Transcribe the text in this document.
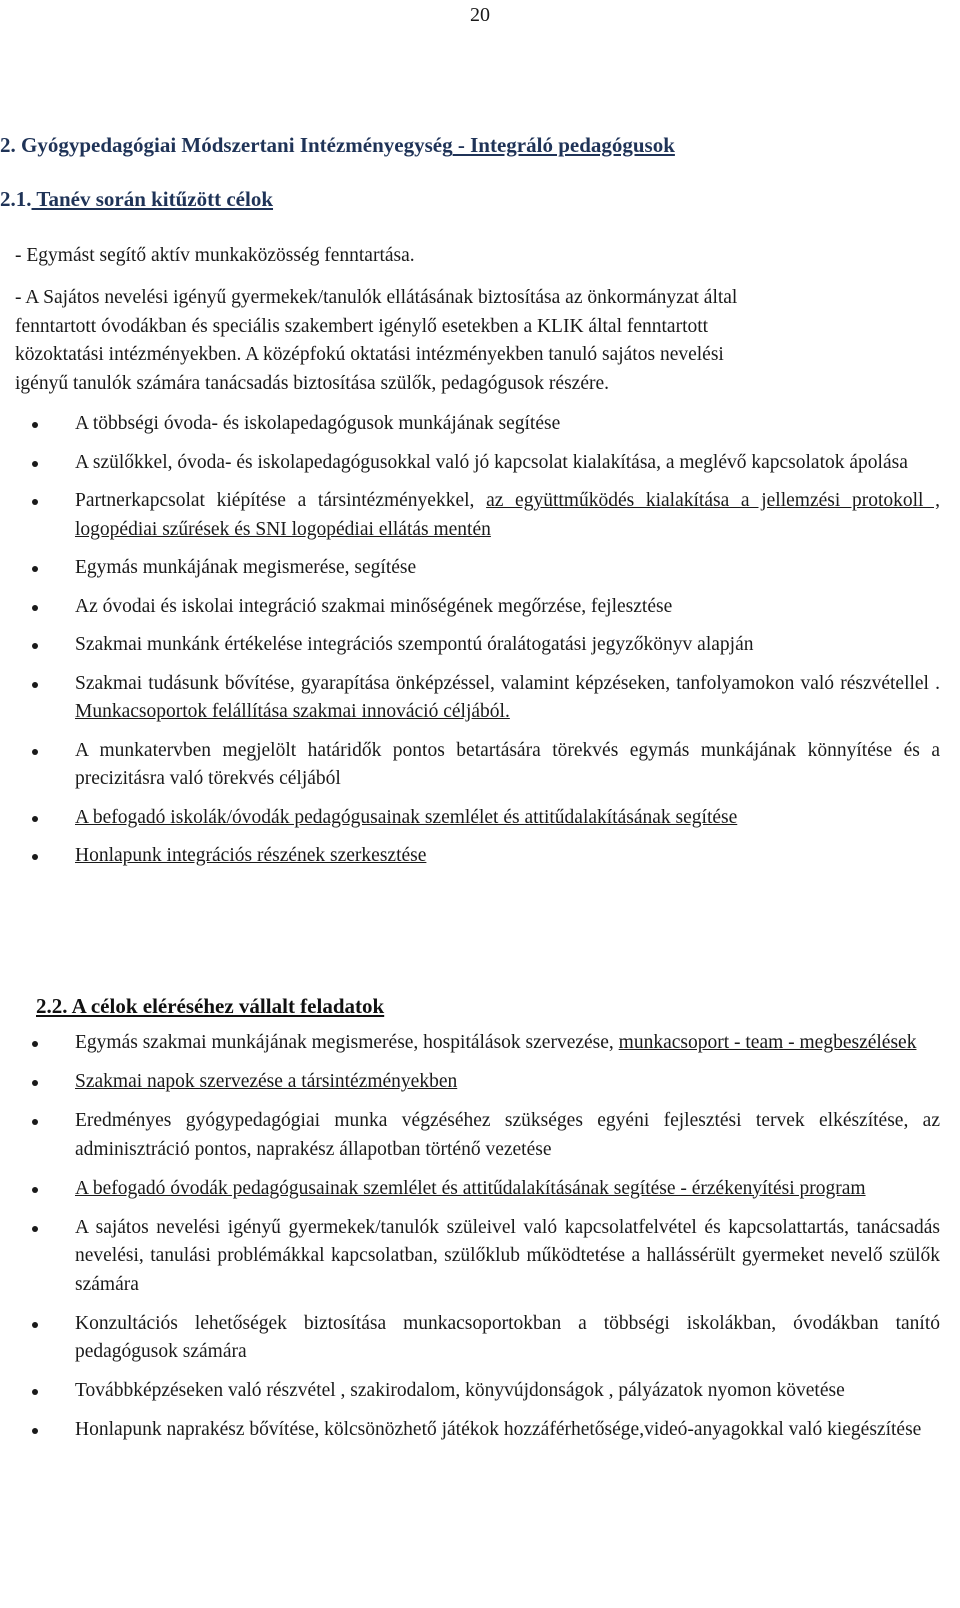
20
2. Gyógypedagógiai Módszertani Intézményegység - Integráló pedagógusok
2.1. Tanév során kitűzött célok

- Egymást segítő aktív munkaközösség fenntartása.

- A Sajátos nevelési igényű gyermekek/tanulók ellátásának biztosítása az önkormányzat által
fenntartott óvodákban és speciális szakembert igénylő esetekben a KLIK által fenntartott
közoktatási intézményekben. A középfokú oktatási intézményekben tanuló sajátos nevelési
igényű tanulók számára tanácsadás biztosítása szülők, pedagógusok részére.

A többségi óvoda- és iskolapedagógusok munkájának segítése
A szülőkkel, óvoda- és iskolapedagógusokkal való jó kapcsolat kialakítása, a meglévő kapcsolatok ápolása
Partnerkapcsolat kiépítése a társintézményekkel, az együttműködés kialakítása a jellemzési protokoll , logopédiai szűrések és SNI logopédiai ellátás mentén
Egymás munkájának megismerése, segítése
Az óvodai és iskolai integráció szakmai minőségének megőrzése, fejlesztése
Szakmai munkánk értékelése integrációs szempontú óralátogatási jegyzőkönyv alapján
Szakmai tudásunk bővítése, gyarapítása önképzéssel, valamint képzéseken, tanfolyamokon való részvétellel . Munkacsoportok felállítása szakmai innováció céljából.
A munkatervben megjelölt határidők pontos betartására törekvés egymás munkájának könnyítése és a precizitásra való törekvés céljából
A befogadó iskolák/óvodák pedagógusainak szemlélet és attitűdalakításának segítése
Honlapunk integrációs részének szerkesztése
2.2. A célok eléréséhez vállalt feladatok
Egymás szakmai munkájának megismerése, hospitálások szervezése, munkacsoport - team - megbeszélések
Szakmai napok szervezése a társintézményekben
Eredményes gyógypedagógiai munka végzéséhez szükséges egyéni fejlesztési tervek elkészítése, az adminisztráció pontos, naprakész állapotban történő vezetése
A befogadó óvodák pedagógusainak szemlélet és attitűdalakításának segítése - érzékenyítési program
A sajátos nevelési igényű gyermekek/tanulók szüleivel való kapcsolatfelvétel és kapcsolattartás, tanácsadás nevelési, tanulási problémákkal kapcsolatban, szülőklub működtetése a hallássérült gyermeket nevelő szülők számára
Konzultációs lehetőségek biztosítása munkacsoportokban a többségi iskolákban, óvodákban tanító pedagógusok számára
Továbbképzéseken való részvétel , szakirodalom, könyvújdonságok , pályázatok nyomon követése
Honlapunk naprakész bővítése, kölcsönözhető játékok hozzáférhetősége,videó-anyagokkal való kiegészítése
